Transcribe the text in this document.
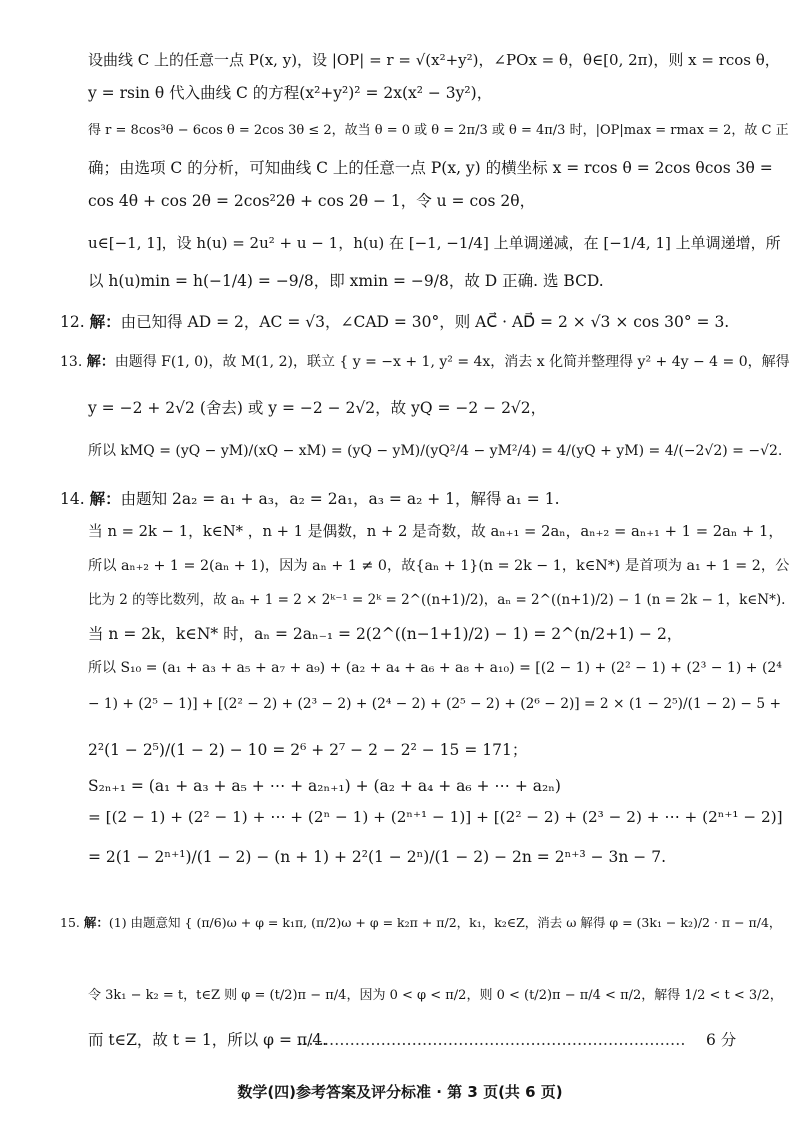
设曲线 C 上的任意一点 P(x, y)，设 |OP| = r = √(x²+y²)，∠POx = θ，θ∈[0, 2π)，则 x = rcos θ，
y = rsin θ 代入曲线 C 的方程(x²+y²)² = 2x(x² − 3y²)，
得 r = 8cos³θ − 6cos θ = 2cos 3θ ≤ 2，故当 θ = 0 或 θ = 2π/3 或 θ = 4π/3 时，|OP|max = rmax = 2，故 C 正
确；由选项 C 的分析，可知曲线 C 上的任意一点 P(x, y) 的横坐标 x = rcos θ = 2cos θcos 3θ =
cos 4θ + cos 2θ = 2cos²2θ + cos 2θ − 1，令 u = cos 2θ，
u∈[−1, 1]，设 h(u) = 2u² + u − 1，h(u) 在 [−1, −1/4] 上单调递减，在 [−1/4, 1] 上单调递增，所
以 h(u)min = h(−1/4) = −9/8，即 xmin = −9/8，故 D 正确. 选 BCD.
12. 解：由已知得 AD = 2，AC = √3，∠CAD = 30°，则 AC⃗ · AD⃗ = 2 × √3 × cos 30° = 3.
13. 解：由题得 F(1, 0)，故 M(1, 2)，联立 { y = −x + 1, y² = 4x，消去 x 化简并整理得 y² + 4y − 4 = 0，解得
y = −2 + 2√2 (舍去) 或 y = −2 − 2√2，故 yQ = −2 − 2√2，
所以 kMQ = (yQ − yM)/(xQ − xM) = (yQ − yM)/(yQ²/4 − yM²/4) = 4/(yQ + yM) = 4/(−2√2) = −√2.
14. 解：由题知 2a₂ = a₁ + a₃，a₂ = 2a₁，a₃ = a₂ + 1，解得 a₁ = 1.
当 n = 2k − 1，k∈N* ，n + 1 是偶数，n + 2 是奇数，故 aₙ₊₁ = 2aₙ，aₙ₊₂ = aₙ₊₁ + 1 = 2aₙ + 1，
所以 aₙ₊₂ + 1 = 2(aₙ + 1)，因为 aₙ + 1 ≠ 0，故{aₙ + 1}(n = 2k − 1，k∈N*) 是首项为 a₁ + 1 = 2，公
比为 2 的等比数列，故 aₙ + 1 = 2 × 2ᵏ⁻¹ = 2ᵏ = 2^((n+1)/2)，aₙ = 2^((n+1)/2) − 1 (n = 2k − 1，k∈N*).
当 n = 2k，k∈N* 时，aₙ = 2aₙ₋₁ = 2(2^((n−1+1)/2) − 1) = 2^(n/2+1) − 2，
所以 S₁₀ = (a₁ + a₃ + a₅ + a₇ + a₉) + (a₂ + a₄ + a₆ + a₈ + a₁₀) = [(2 − 1) + (2² − 1) + (2³ − 1) + (2⁴
− 1) + (2⁵ − 1)] + [(2² − 2) + (2³ − 2) + (2⁴ − 2) + (2⁵ − 2) + (2⁶ − 2)] = 2 × (1 − 2⁵)/(1 − 2) − 5 +
2²(1 − 2⁵)/(1 − 2) − 10 = 2⁶ + 2⁷ − 2 − 2² − 15 = 171；
S₂ₙ₊₁ = (a₁ + a₃ + a₅ + ⋯ + a₂ₙ₊₁) + (a₂ + a₄ + a₆ + ⋯ + a₂ₙ)
= [(2 − 1) + (2² − 1) + ⋯ + (2ⁿ − 1) + (2ⁿ⁺¹ − 1)] + [(2² − 2) + (2³ − 2) + ⋯ + (2ⁿ⁺¹ − 2)]
= 2(1 − 2ⁿ⁺¹)/(1 − 2) − (n + 1) + 2²(1 − 2ⁿ)/(1 − 2) − 2n = 2ⁿ⁺³ − 3n − 7.
15. 解：(1) 由题意知 { (π/6)ω + φ = k₁π, (π/2)ω + φ = k₂π + π/2，k₁，k₂∈Z，消去 ω 解得 φ = (3k₁ − k₂)/2 · π − π/4，
令 3k₁ − k₂ = t，t∈Z 则 φ = (t/2)π − π/4，因为 0 < φ < π/2，则 0 < (t/2)π − π/4 < π/2，解得 1/2 < t < 3/2，
而 t∈Z，故 t = 1，所以 φ = π/4.
………………………………………………………………… 6 分
数学(四)参考答案及评分标准 · 第 3 页(共 6 页)
